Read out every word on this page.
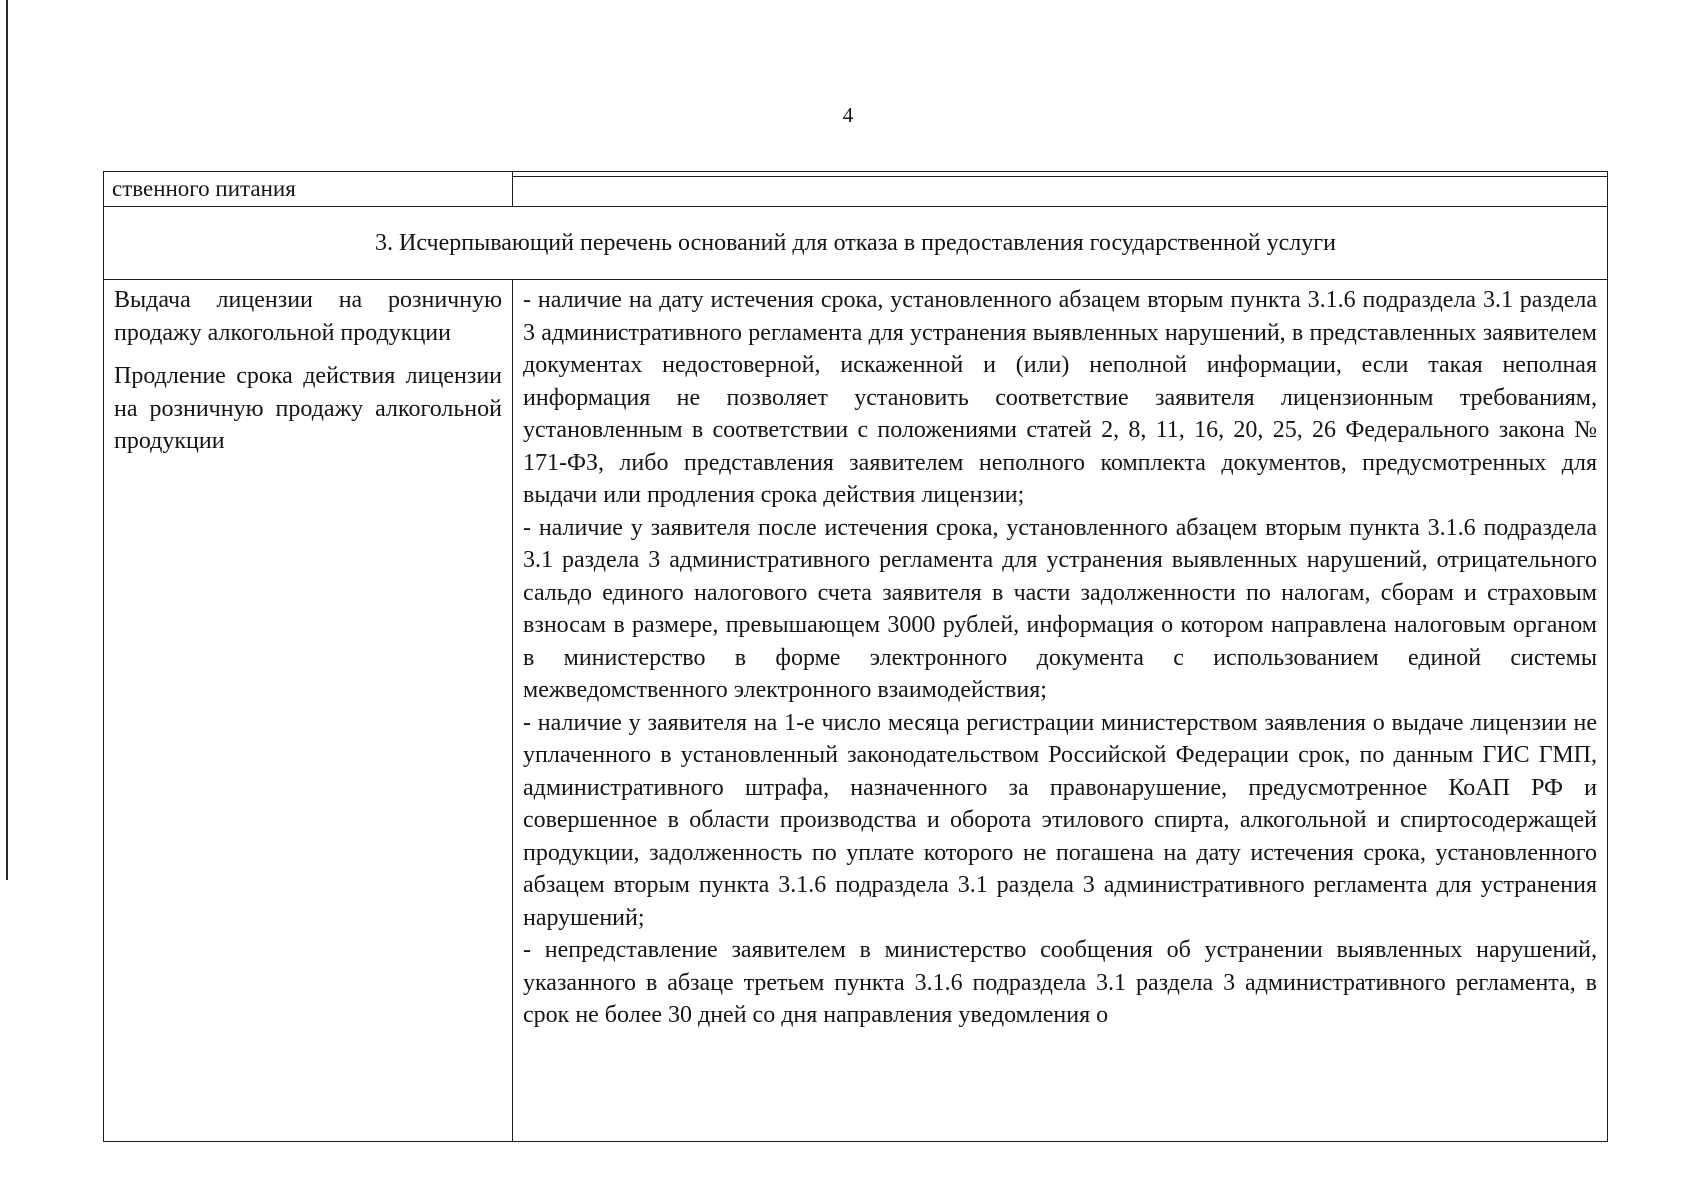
4
ственного питания
3. Исчерпывающий перечень оснований для отказа в предоставления государственной услуги

Выдача лицензии на розничную продажу алкогольной продукции

Продление срока действия лицензии на розничную продажу алкогольной продукции

- наличие на дату истечения срока, установленного абзацем вторым пункта 3.1.6 подраздела 3.1 раздела 3 административного регламента для устранения выявленных нарушений, в представленных заявителем документах недостоверной, искаженной и (или) неполной информации, если такая неполная информация не позволяет установить соответствие заявителя лицензионным требованиям, установленным в соответствии с положениями статей 2, 8, 11, 16, 20, 25, 26 Федерального закона № 171-ФЗ, либо представления заявителем неполного комплекта документов, предусмотренных для выдачи или продления срока действия лицензии;

- наличие у заявителя после истечения срока, установленного абзацем вторым пункта 3.1.6 подраздела 3.1 раздела 3 административного регламента для устранения выявленных нарушений, отрицательного сальдо единого налогового счета заявителя в части задолженности по налогам, сборам и страховым взносам в размере, превышающем 3000 рублей, информация о котором направлена налоговым органом в министерство в форме электронного документа с использованием единой системы межведомственного электронного взаимодействия;

- наличие у заявителя на 1-е число месяца регистрации министерством заявления о выдаче лицензии не уплаченного в установленный законодательством Российской Федерации срок, по данным ГИС ГМП, административного штрафа, назначенного за правонарушение, предусмотренное КоАП РФ и совершенное в области производства и оборота этилового спирта, алкогольной и спиртосодержащей продукции, задолженность по уплате которого не погашена на дату истечения срока, установленного абзацем вторым пункта 3.1.6 подраздела 3.1 раздела 3 административного регламента для устранения нарушений;

- непредставление заявителем в министерство сообщения об устранении выявленных нарушений, указанного в абзаце третьем пункта 3.1.6 подраздела 3.1 раздела 3 административного регламента, в срок не более 30 дней со дня направления уведомления о
